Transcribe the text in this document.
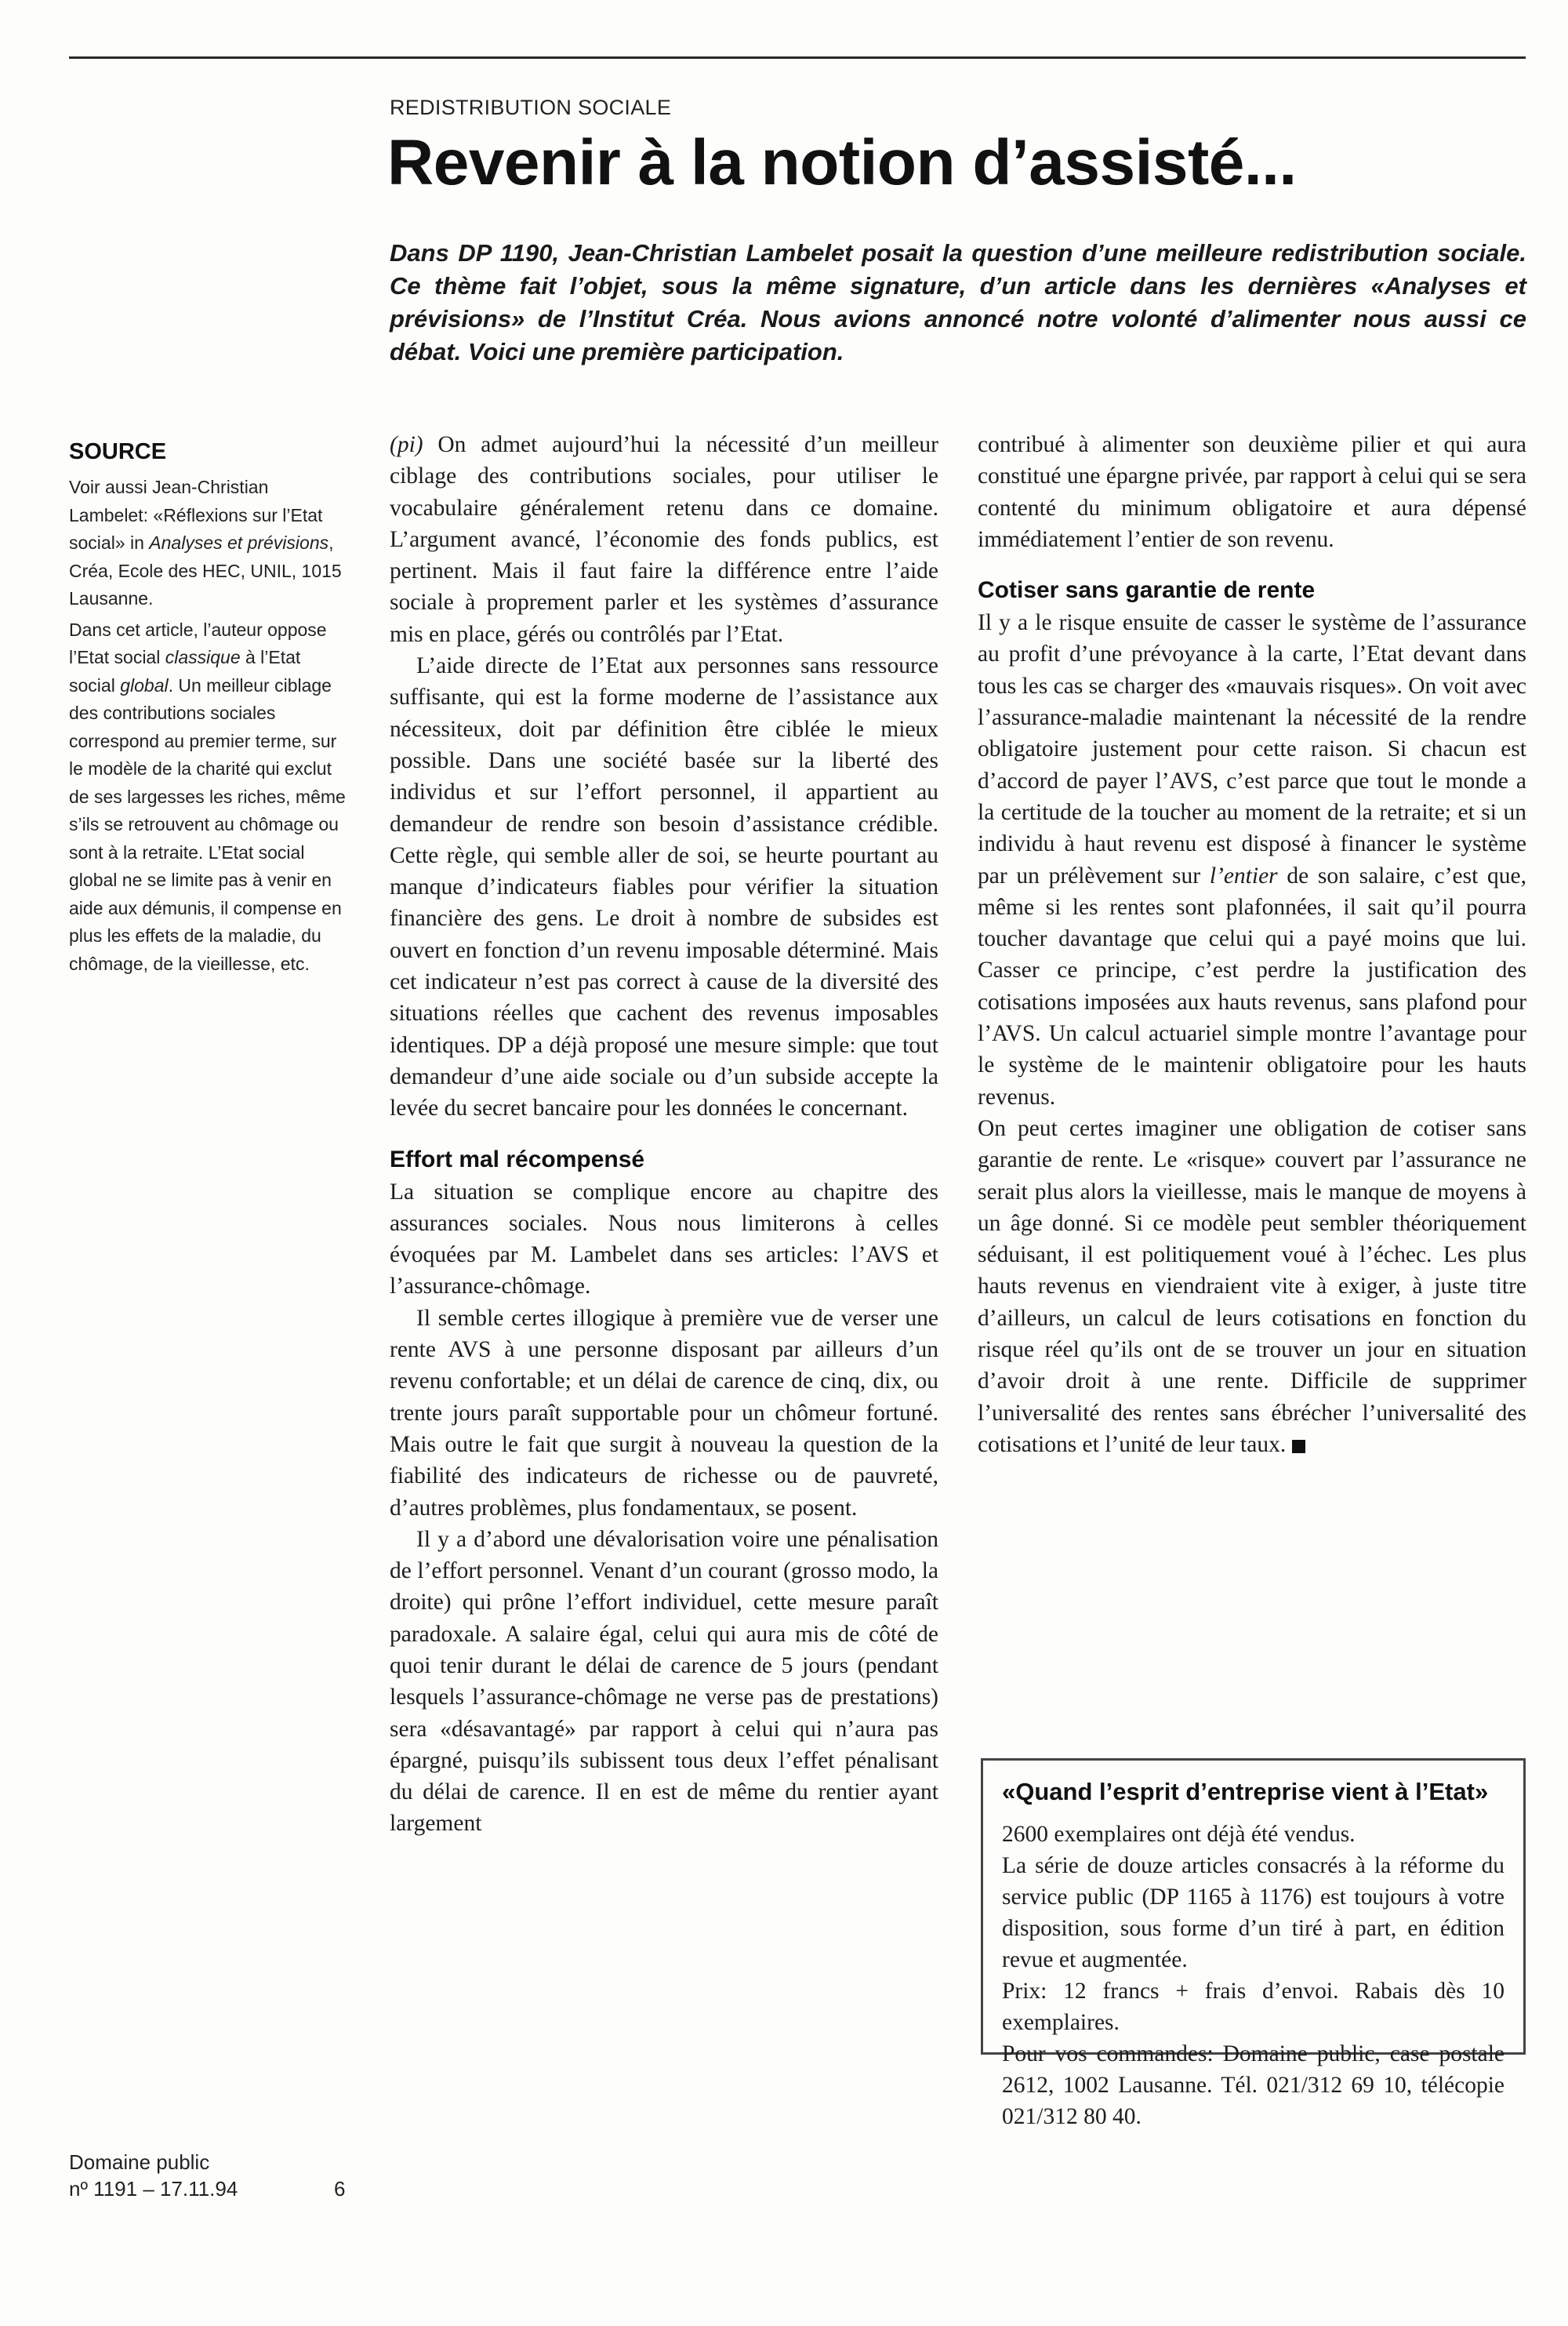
REDISTRIBUTION SOCIALE
Revenir à la notion d’assisté...

Dans DP 1190, Jean-Christian Lambelet posait la question d’une meilleure redistribution sociale. Ce thème fait l’objet, sous la même signature, d’un article dans les dernières «Analyses et prévisions» de l’Institut Créa. Nous avions annoncé notre volonté d’alimenter nous aussi ce débat. Voici une première participation.

SOURCE

Voir aussi Jean-Christian Lambelet: «Réflexions sur l’Etat social» in Analyses et prévisions, Créa, Ecole des HEC, UNIL, 1015 Lausanne.

Dans cet article, l’auteur oppose l’Etat social classique à l’Etat social global. Un meilleur ciblage des contributions sociales correspond au premier terme, sur le modèle de la charité qui exclut de ses largesses les riches, même s’ils se retrouvent au chômage ou sont à la retraite. L’Etat social global ne se limite pas à venir en aide aux démunis, il compense en plus les effets de la maladie, du chômage, de la vieillesse, etc.

(pi) On admet aujourd’hui la nécessité d’un meilleur ciblage des contributions sociales, pour utiliser le vocabulaire généralement retenu dans ce domaine. L’argument avancé, l’économie des fonds publics, est pertinent. Mais il faut faire la différence entre l’aide sociale à proprement parler et les systèmes d’assurance mis en place, gérés ou contrôlés par l’Etat.

L’aide directe de l’Etat aux personnes sans ressource suffisante, qui est la forme moderne de l’assistance aux nécessiteux, doit par définition être ciblée le mieux possible. Dans une société basée sur la liberté des individus et sur l’effort personnel, il appartient au demandeur de rendre son besoin d’assistance crédible. Cette règle, qui semble aller de soi, se heurte pourtant au manque d’indicateurs fiables pour vérifier la situation financière des gens. Le droit à nombre de subsides est ouvert en fonction d’un revenu imposable déterminé. Mais cet indicateur n’est pas correct à cause de la diversité des situations réelles que cachent des revenus imposables identiques. DP a déjà proposé une mesure simple: que tout demandeur d’une aide sociale ou d’un subside accepte la levée du secret bancaire pour les données le concernant.

Effort mal récompensé

La situation se complique encore au chapitre des assurances sociales. Nous nous limiterons à celles évoquées par M. Lambelet dans ses articles: l’AVS et l’assurance-chômage.

Il semble certes illogique à première vue de verser une rente AVS à une personne disposant par ailleurs d’un revenu confortable; et un délai de carence de cinq, dix, ou trente jours paraît supportable pour un chômeur fortuné. Mais outre le fait que surgit à nouveau la question de la fiabilité des indicateurs de richesse ou de pauvreté, d’autres problèmes, plus fondamentaux, se posent.

Il y a d’abord une dévalorisation voire une pénalisation de l’effort personnel. Venant d’un courant (grosso modo, la droite) qui prône l’effort individuel, cette mesure paraît paradoxale. A salaire égal, celui qui aura mis de côté de quoi tenir durant le délai de carence de 5 jours (pendant lesquels l’assurance-chômage ne verse pas de prestations) sera «désavantagé» par rapport à celui qui n’aura pas épargné, puisqu’ils subissent tous deux l’effet pénalisant du délai de carence. Il en est de même du rentier ayant largement

contribué à alimenter son deuxième pilier et qui aura constitué une épargne privée, par rapport à celui qui se sera contenté du minimum obligatoire et aura dépensé immédiatement l’entier de son revenu.

Cotiser sans garantie de rente

Il y a le risque ensuite de casser le système de l’assurance au profit d’une prévoyance à la carte, l’Etat devant dans tous les cas se charger des «mauvais risques». On voit avec l’assurance-maladie maintenant la nécessité de la rendre obligatoire justement pour cette raison. Si chacun est d’accord de payer l’AVS, c’est parce que tout le monde a la certitude de la toucher au moment de la retraite; et si un individu à haut revenu est disposé à financer le système par un prélèvement sur l’entier de son salaire, c’est que, même si les rentes sont plafonnées, il sait qu’il pourra toucher davantage que celui qui a payé moins que lui. Casser ce principe, c’est perdre la justification des cotisations imposées aux hauts revenus, sans plafond pour l’AVS. Un calcul actuariel simple montre l’avantage pour le système de le maintenir obligatoire pour les hauts revenus.

On peut certes imaginer une obligation de cotiser sans garantie de rente. Le «risque» couvert par l’assurance ne serait plus alors la vieillesse, mais le manque de moyens à un âge donné. Si ce modèle peut sembler théoriquement séduisant, il est politiquement voué à l’échec. Les plus hauts revenus en viendraient vite à exiger, à juste titre d’ailleurs, un calcul de leurs cotisations en fonction du risque réel qu’ils ont de se trouver un jour en situation d’avoir droit à une rente. Difficile de supprimer l’universalité des rentes sans ébrécher l’universalité des cotisations et l’unité de leur taux.

«Quand l’esprit d’entreprise vient à l’Etat»

2600 exemplaires ont déjà été vendus.

La série de douze articles consacrés à la réforme du service public (DP 1165 à 1176) est toujours à votre disposition, sous forme d’un tiré à part, en édition revue et augmentée.

Prix: 12 francs + frais d’envoi. Rabais dès 10 exemplaires.

Pour vos commandes: Domaine public, case postale 2612, 1002 Lausanne. Tél. 021/312 69 10, télécopie 021/312 80 40.

Domaine public
nº 1191 – 17.11.94	6
